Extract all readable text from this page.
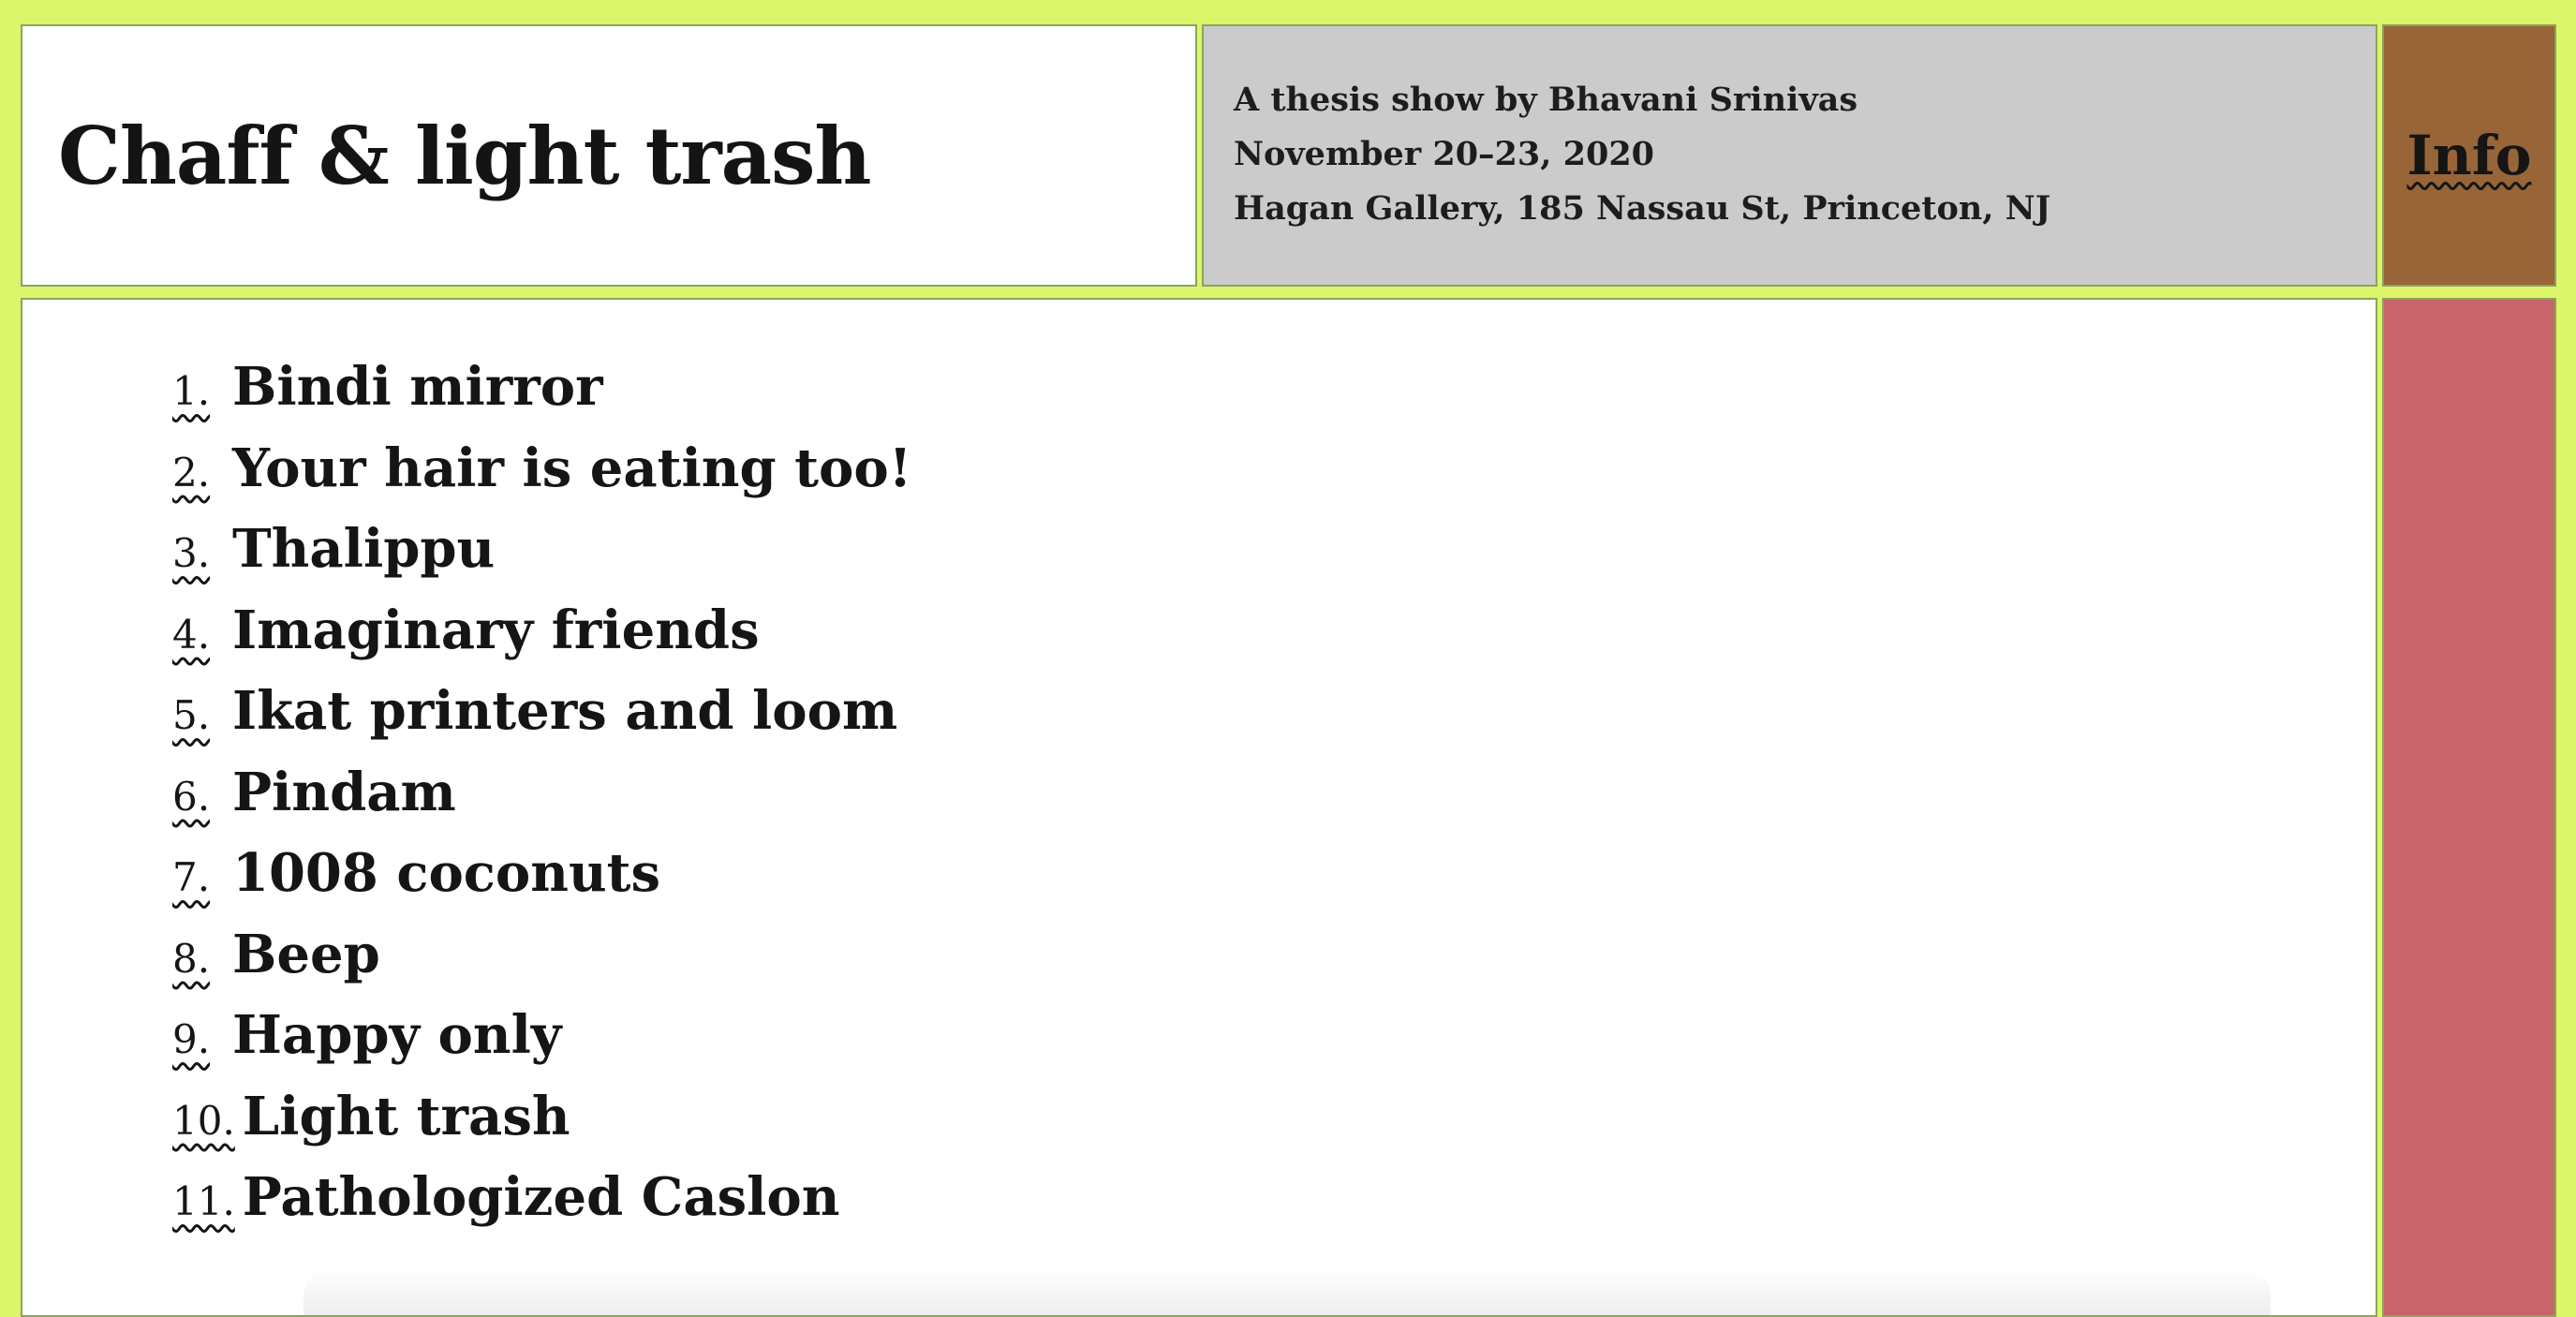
Chaff & light trash
A thesis show by Bhavani Srinivas
November 20–23, 2020
Hagan Gallery, 185 Nassau St, Princeton, NJ
Info
1. Bindi mirror
2. Your hair is eating too!
3. Thalippu
4. Imaginary friends
5. Ikat printers and loom
6. Pindam
7. 1008 coconuts
8. Beep
9. Happy only
10. Light trash
11. Pathologized Caslon
